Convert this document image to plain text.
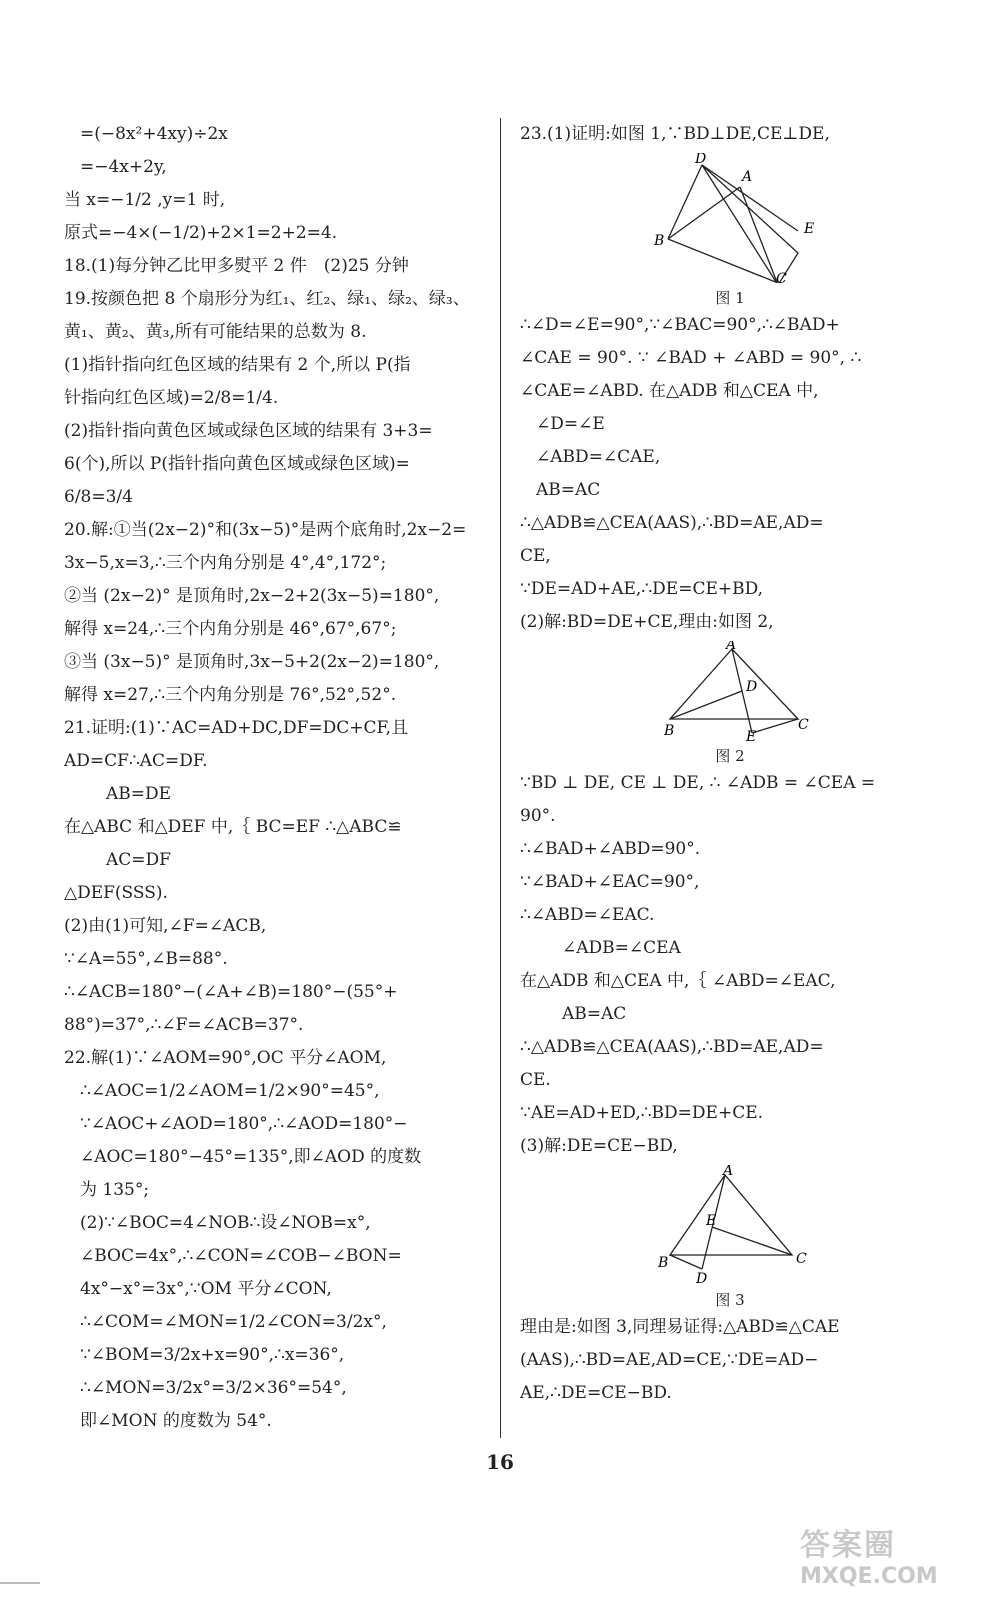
=(−8x²+4xy)÷2x
=−4x+2y,
当 x=−1/2 ,y=1 时,
原式=−4×(−1/2)+2×1=2+2=4.
18.(1)每分钟乙比甲多熨平 2 件　(2)25 分钟
19.按颜色把 8 个扇形分为红₁、红₂、绿₁、绿₂、绿₃、
黄₁、黄₂、黄₃,所有可能结果的总数为 8.
(1)指针指向红色区域的结果有 2 个,所以 P(指
针指向红色区域)=2/8=1/4.
(2)指针指向黄色区域或绿色区域的结果有 3+3=
6(个),所以 P(指针指向黄色区域或绿色区域)=
6/8=3/4
20.解:①当(2x−2)°和(3x−5)°是两个底角时,2x−2=
3x−5,x=3,∴三个内角分别是 4°,4°,172°;
②当 (2x−2)° 是顶角时,2x−2+2(3x−5)=180°,
解得 x=24,∴三个内角分别是 46°,67°,67°;
③当 (3x−5)° 是顶角时,3x−5+2(2x−2)=180°,
解得 x=27,∴三个内角分别是 76°,52°,52°.
21.证明:(1)∵AC=AD+DC,DF=DC+CF,且
AD=CF∴AC=DF.
AB=DE
在△ABC 和△DEF 中,｛ BC=EF ∴△ABC≌
AC=DF
△DEF(SSS).
(2)由(1)可知,∠F=∠ACB,
∵∠A=55°,∠B=88°.
∴∠ACB=180°−(∠A+∠B)=180°−(55°+
88°)=37°,∴∠F=∠ACB=37°.
22.解(1)∵∠AOM=90°,OC 平分∠AOM,
∴∠AOC=1/2∠AOM=1/2×90°=45°,
∵∠AOC+∠AOD=180°,∴∠AOD=180°−
∠AOC=180°−45°=135°,即∠AOD 的度数
为 135°;
(2)∵∠BOC=4∠NOB∴设∠NOB=x°,
∠BOC=4x°,∴∠CON=∠COB−∠BON=
4x°−x°=3x°,∵OM 平分∠CON,
∴∠COM=∠MON=1/2∠CON=3/2x°,
∵∠BOM=3/2x+x=90°,∴x=36°,
∴∠MON=3/2x°=3/2×36°=54°,
即∠MON 的度数为 54°.
23.(1)证明:如图 1,∵BD⊥DE,CE⊥DE,
D
A
E
B
C
图 1
∴∠D=∠E=90°,∵∠BAC=90°,∴∠BAD+
∠CAE = 90°. ∵ ∠BAD + ∠ABD = 90°, ∴
∠CAE=∠ABD. 在△ADB 和△CEA 中,
∠D=∠E
∠ABD=∠CAE,
AB=AC
∴△ADB≌△CEA(AAS),∴BD=AE,AD=
CE,
∵DE=AD+AE,∴DE=CE+BD,
(2)解:BD=DE+CE,理由:如图 2,
A
D
B	C
E
图 2
∵BD ⊥ DE, CE ⊥ DE, ∴ ∠ADB = ∠CEA =
90°.
∴∠BAD+∠ABD=90°.
∵∠BAD+∠EAC=90°,
∴∠ABD=∠EAC.
∠ADB=∠CEA
在△ADB 和△CEA 中,｛ ∠ABD=∠EAC,
AB=AC
∴△ADB≌△CEA(AAS),∴BD=AE,AD=
CE.
∵AE=AD+ED,∴BD=DE+CE.
(3)解:DE=CE−BD,
A
E
B
D
C
图 3
理由是:如图 3,同理易证得:△ABD≌△CAE
(AAS),∴BD=AE,AD=CE,∵DE=AD−
AE,∴DE=CE−BD.
16
答案圈
MXQE.COM
